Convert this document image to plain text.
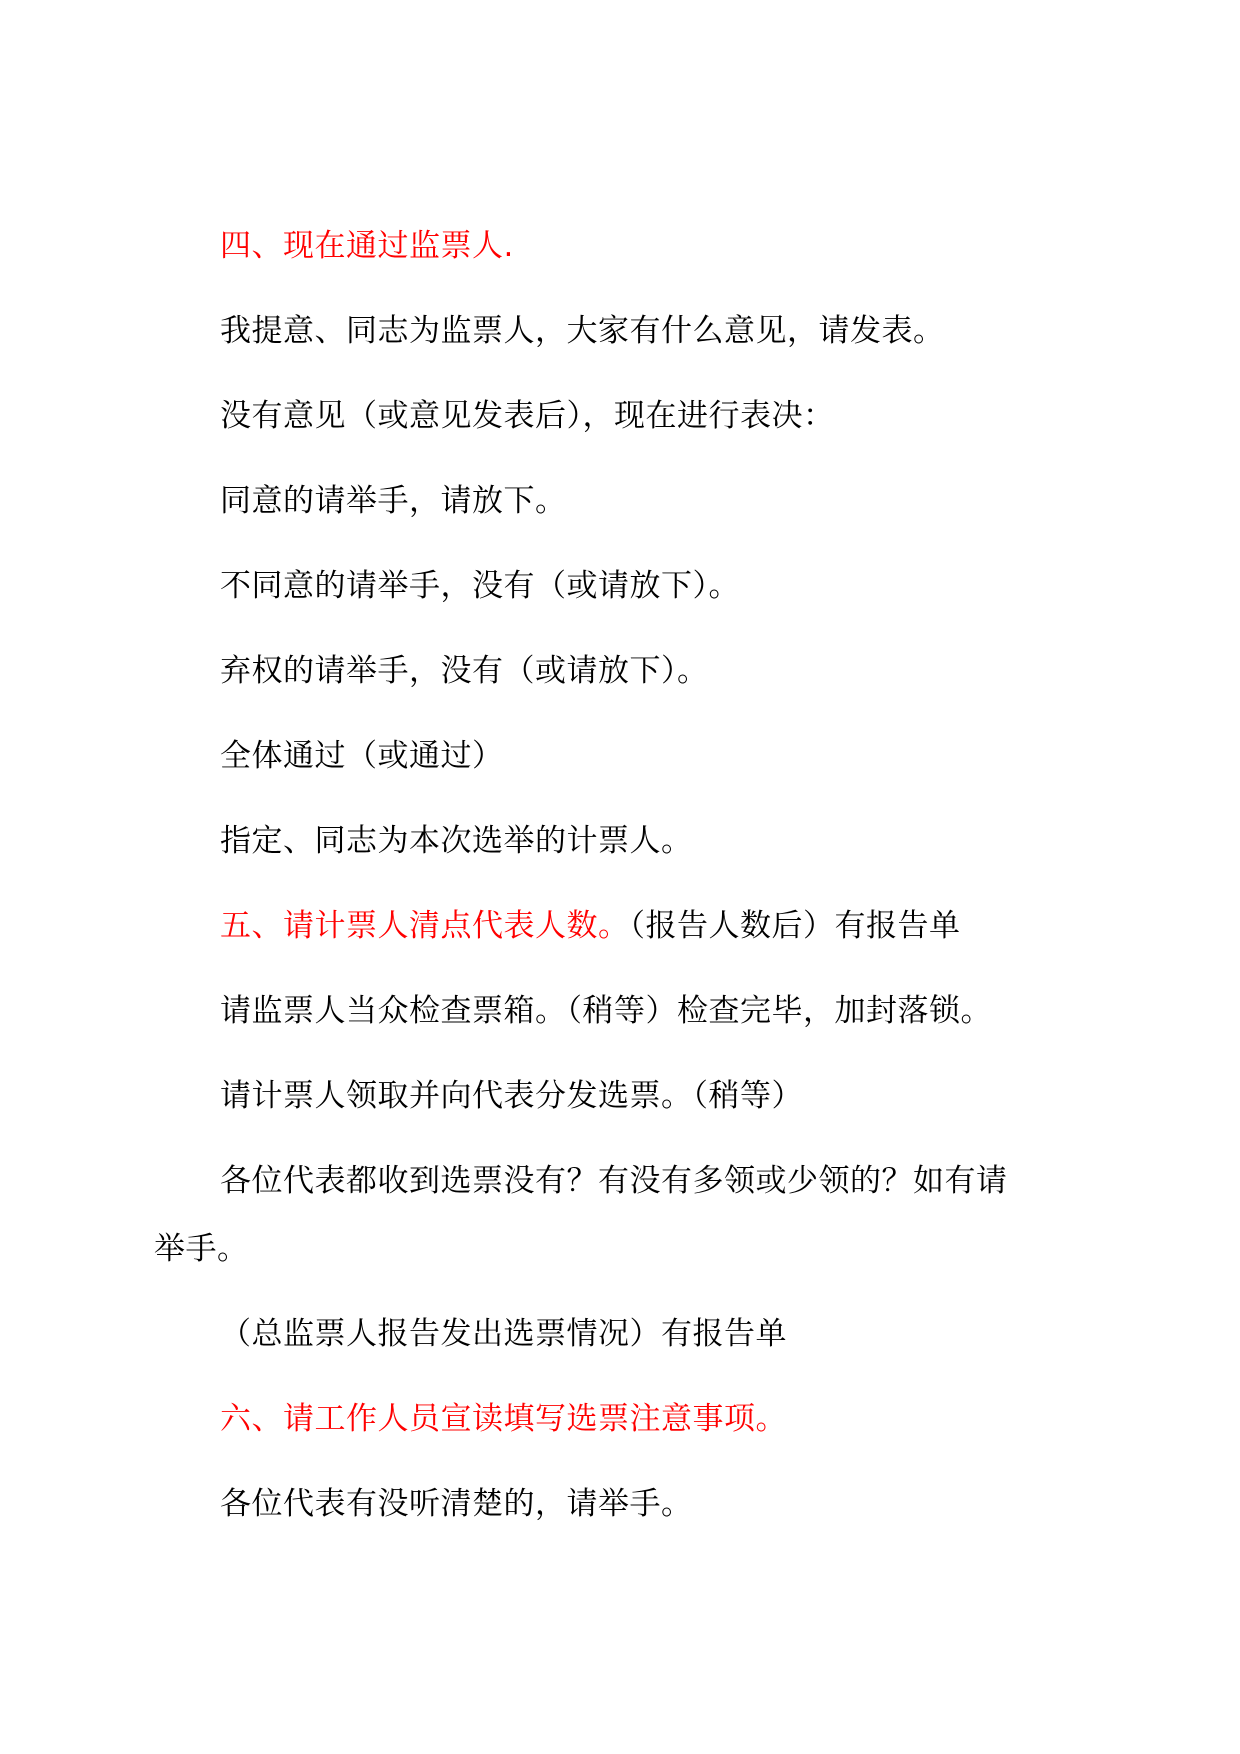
四、现在通过监票人.
我提意、同志为监票人，大家有什么意见，请发表。
没有意见（或意见发表后），现在进行表决：
同意的请举手，请放下。
不同意的请举手，没有（或请放下）。
弃权的请举手，没有（或请放下）。
全体通过（或通过）
指定、同志为本次选举的计票人。
五、请计票人清点代表人数。（报告人数后）有报告单
请监票人当众检查票箱。（稍等）检查完毕，加封落锁。
请计票人领取并向代表分发选票。（稍等）
各位代表都收到选票没有？有没有多领或少领的？如有请
举手。
（总监票人报告发出选票情况）有报告单
六、请工作人员宣读填写选票注意事项。
各位代表有没听清楚的，请举手。
